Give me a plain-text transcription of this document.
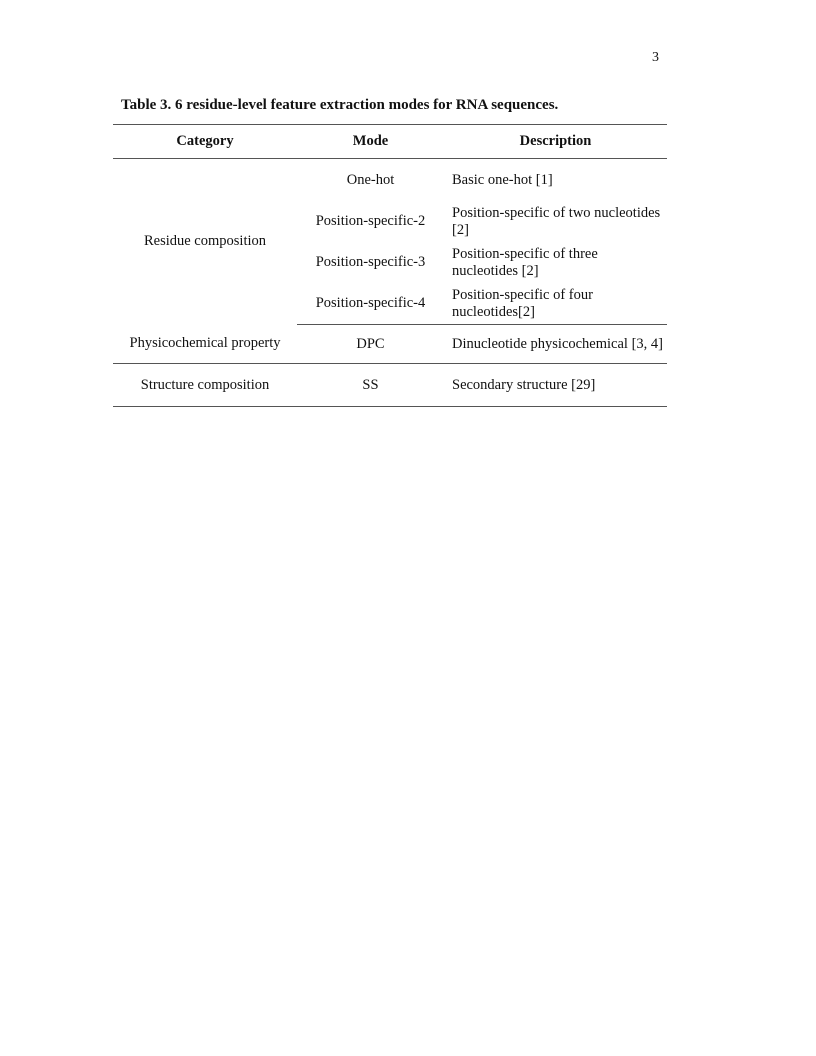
3
Table 3. 6 residue-level feature extraction modes for RNA sequences.
Category	Mode	Description
Residue composition	One-hot	Basic one-hot [1]
	Position-specific-2	Position-specific of two nucleotides [2]
	Position-specific-3	Position-specific of three nucleotides [2]
	Position-specific-4	Position-specific of four nucleotides[2]
Physicochemical property	DPC	Dinucleotide physicochemical [3, 4]
Structure composition	SS	Secondary structure [29]
